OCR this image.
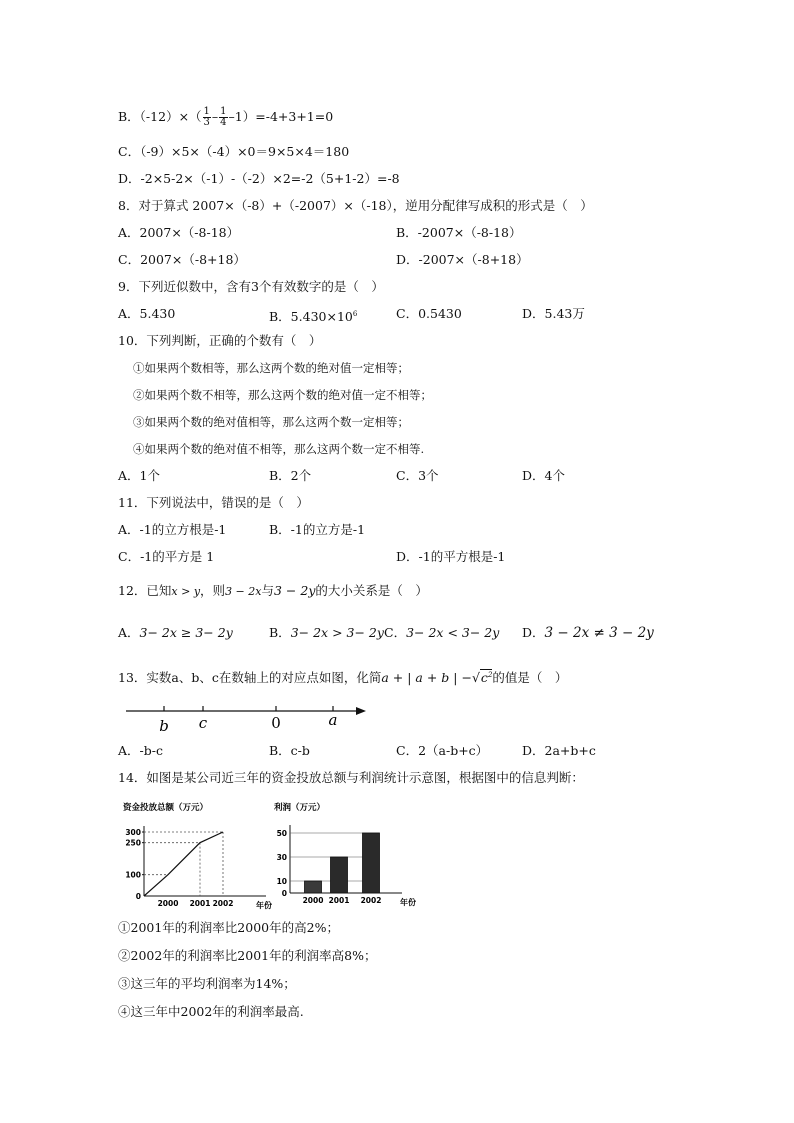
B．$(-12)\times( \frac{1}{3} - \frac{1}{4} -1)=-4+3+1=0$
C．（-9）×5×（-4）×0＝9×5×4＝180
D．-2×5-2×（-1）-（-2）×2=-2（5+1-2）=-8
8．对于算式 2007×（-8）+（-2007）×（-18），逆用分配律写成积的形式是（　）
A．2007×（-8-18）	B．-2007×（-8-18）
C．2007×（-8+18）	D．-2007×（-8+18）
9．下列近似数中，含有3个有效数字的是（　）
A．5.430	B．$5.430\times 10^6$	C．0.5430	D．5.43万
10．下列判断，正确的个数有（　）
①如果两个数相等，那么这两个数的绝对值一定相等；
②如果两个数不相等，那么这两个数的绝对值一定不相等；
③如果两个数的绝对值相等，那么这两个数一定相等；
④如果两个数的绝对值不相等，那么这两个数一定不相等.
A．1个	B．2个	C．3个	D．4个
11．下列说法中，错误的是（　）
A．-1的立方根是-1	B．-1的立方是-1
C．-1的平方是 1	D．-1的平方根是-1
12．已知x > y，则3 − 2x与3 − 2y的大小关系是（　）
A．3− 2x ≥ 3− 2y	B．3− 2x > 3− 2y C．3− 2x < 3− 2y D．3 − 2x ≠ 3 − 2y
13．实数a、b、c在数轴上的对应点如图，化简a + | a + b | $-√c^2$的值是（　）
b c	0	a
A．-b-c	B．c-b	C．2（a-b+c）	D．2a+b+c
14．如图是某公司近三年的资金投放总额与利润统计示意图，根据图中的信息判断：
资金投放总额（万元）
0
100
250
300
2000 2001 2002	年份
利润（万元）
0
10
30
50
2000 2001 2002 年份
①2001年的利润率比2000年的高2%；
②2002年的利润率比2001年的利润率高8%；
③这三年的平均利润率为14%；
④这三年中2002年的利润率最高.
